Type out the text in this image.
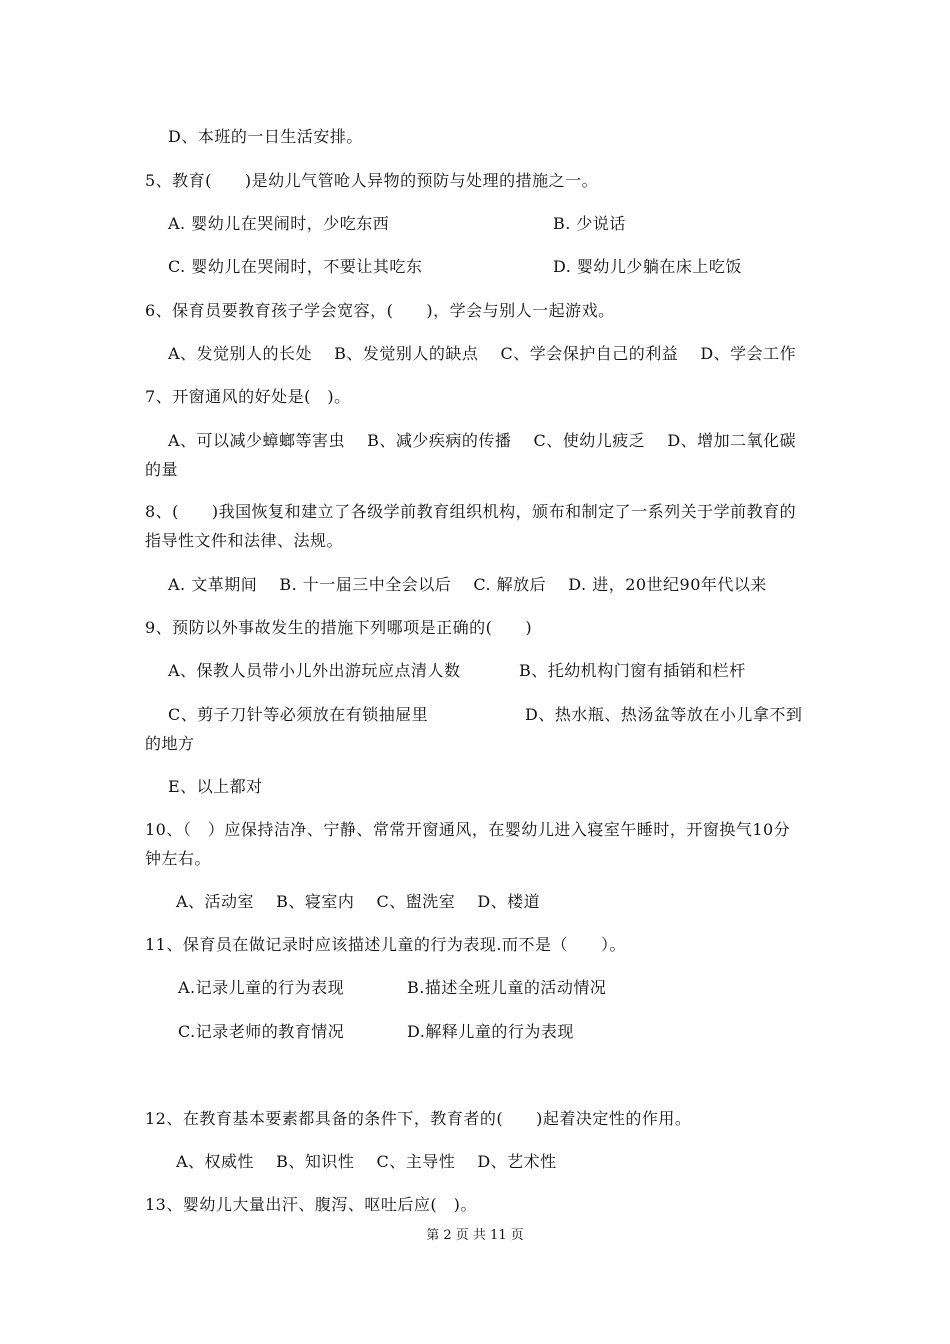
D、本班的一日生活安排。
5、教育(　　)是幼儿气管呛人异物的预防与处理的措施之一。
A. 婴幼儿在哭闹时，少吃东西	B. 少说话
C. 婴幼儿在哭闹时，不要让其吃东	D. 婴幼儿少躺在床上吃饭
6、保育员要教育孩子学会宽容，(　　)，学会与别人一起游戏。
A、发觉别人的长处　 B、发觉别人的缺点　 C、学会保护自己的利益　 D、学会工作
7、开窗通风的好处是(　)。
A、可以减少蟑螂等害虫　 B、减少疾病的传播　 C、使幼儿疲乏　 D、增加二氧化碳
的量
8、(　　)我国恢复和建立了各级学前教育组织机构，颁布和制定了一系列关于学前教育的
指导性文件和法律、法规。
A. 文革期间　 B. 十一届三中全会以后　 C. 解放后　 D. 进，20世纪90年代以来
9、预防以外事故发生的措施下列哪项是正确的(　　)
A、保教人员带小儿外出游玩应点清人数	B、托幼机构门窗有插销和栏杆
C、剪子刀针等必须放在有锁抽屉里	D、热水瓶、热汤盆等放在小儿拿不到
的地方
E、以上都对
10、（　）应保持洁净、宁静、常常开窗通风，在婴幼儿进入寝室午睡时，开窗换气10分
钟左右。
A、活动室　 B、寝室内　 C、盥洗室　 D、楼道
11、保育员在做记录时应该描述儿童的行为表现.而不是（　　）。
A.记录儿童的行为表现	B.描述全班儿童的活动情况
C.记录老师的教育情况	D.解释儿童的行为表现
12、在教育基本要素都具备的条件下，教育者的(　　)起着决定性的作用。
A、权威性　 B、知识性　 C、主导性　 D、艺术性
13、婴幼儿大量出汗、腹泻、呕吐后应(　)。
第 2 页 共 11 页
